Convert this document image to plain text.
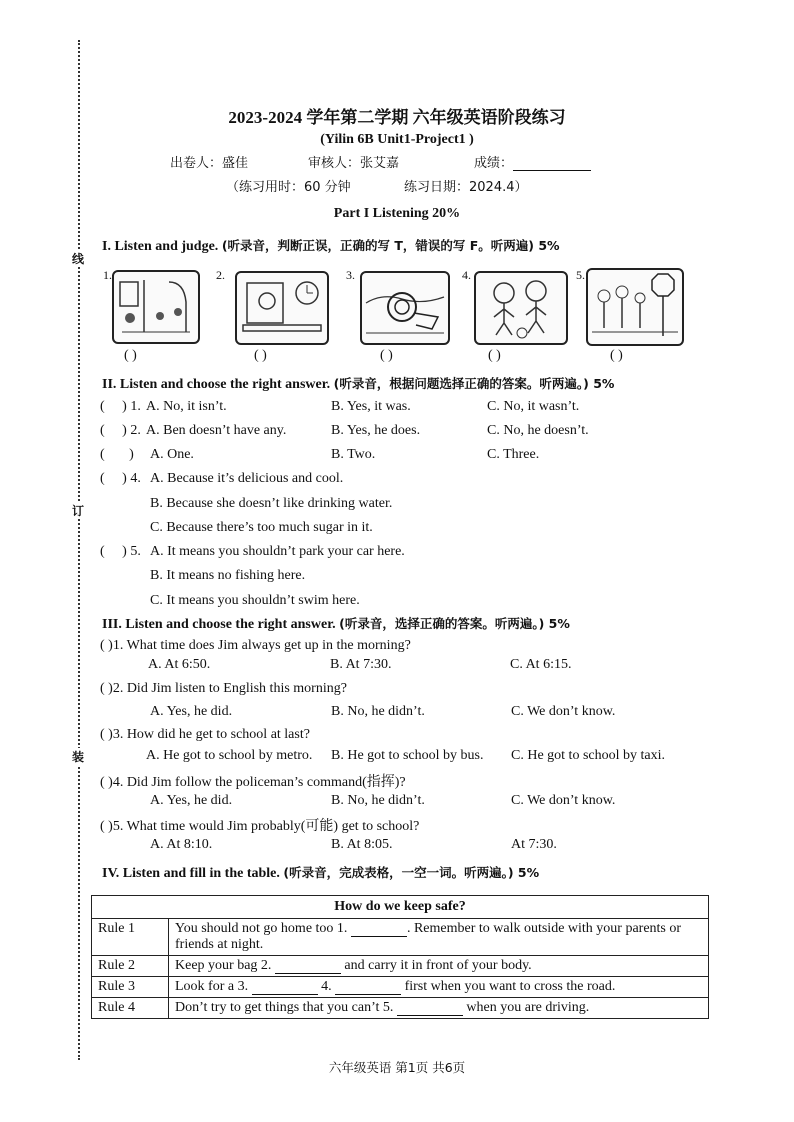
线
订
装
2023-2024 学年第二学期 六年级英语阶段练习
(Yilin 6B Unit1-Project1 )
出卷人：盛佳	审核人：张艾嘉	成绩：
（练习用时：60 分钟	练习日期：2024.4）
Part I Listening 20%
I. Listen and judge. (听录音，判断正误，正确的写 T，错误的写 F。听两遍) 5%
1.
( )
2.
( )
3.
( )
4.
( )
5.
( )
II. Listen and choose the right answer. (听录音，根据问题选择正确的答案。听两遍。) 5%
(     ) 1. A. No, it isn’t.	B. Yes, it was.	C. No, it wasn’t.
(     ) 2. A. Ben doesn’t have any.	B. Yes, he does.	C. No, he doesn’t.
(       ) A. One.	B. Two.	C. Three.
(     ) 4. A. Because it’s delicious and cool.
B. Because she doesn’t like drinking water.
C. Because there’s too much sugar in it.
(     ) 5. A. It means you shouldn’t park your car here.
B. It means no fishing here.
C. It means you shouldn’t swim here.
III. Listen and choose the right answer. (听录音，选择正确的答案。听两遍。) 5%
( )1. What time does Jim always get up in the morning?
A. At 6:50.	B. At 7:30.	C. At 6:15.
( )2. Did Jim listen to English this morning?
A. Yes, he did.	B. No, he didn’t.	C. We don’t know.
( )3. How did he get to school at last?
A. He got to school by metro. B. He got to school by bus. C. He got to school by taxi.
( )4. Did Jim follow the policeman’s command(指挥)?
A. Yes, he did.	B. No, he didn’t.	C. We don’t know.
( )5. What time would Jim probably(可能) get to school?
A. At 8:10.	B. At 8:05.	At 7:30.
IV. Listen and fill in the table. (听录音，完成表格，一空一词。听两遍。) 5%
How do we keep safe?	
Rule 1	You should not go home too 1. . Remember to walk outside with your parents or friends at night.
Rule 2	Keep your bag 2. and carry it in front of your body.
Rule 3	Look for a 3. 4. first when you want to cross the road.
Rule 4	Don’t try to get things that you can’t 5. when you are driving.
六年级英语 第1页 共6页
